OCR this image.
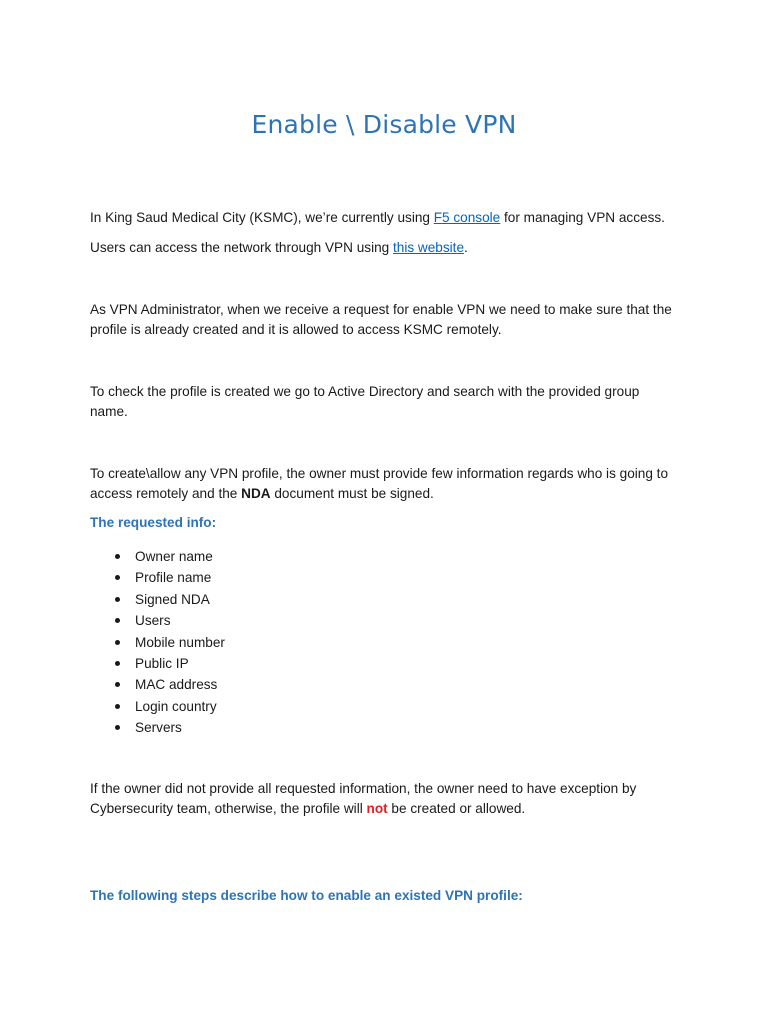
Enable \ Disable VPN

In King Saud Medical City (KSMC), we’re currently using F5 console for managing VPN access.

Users can access the network through VPN using this website.

As VPN Administrator, when we receive a request for enable VPN we need to make sure that the profile is already created and it is allowed to access KSMC remotely.

To check the profile is created we go to Active Directory and search with the provided group name.

To create\allow any VPN profile, the owner must provide few information regards who is going to access remotely and the NDA document must be signed.

The requested info:

Owner name
Profile name
Signed NDA
Users
Mobile number
Public IP
MAC address
Login country
Servers

If the owner did not provide all requested information, the owner need to have exception by Cybersecurity team, otherwise, the profile will not be created or allowed.

The following steps describe how to enable an existed VPN profile:
